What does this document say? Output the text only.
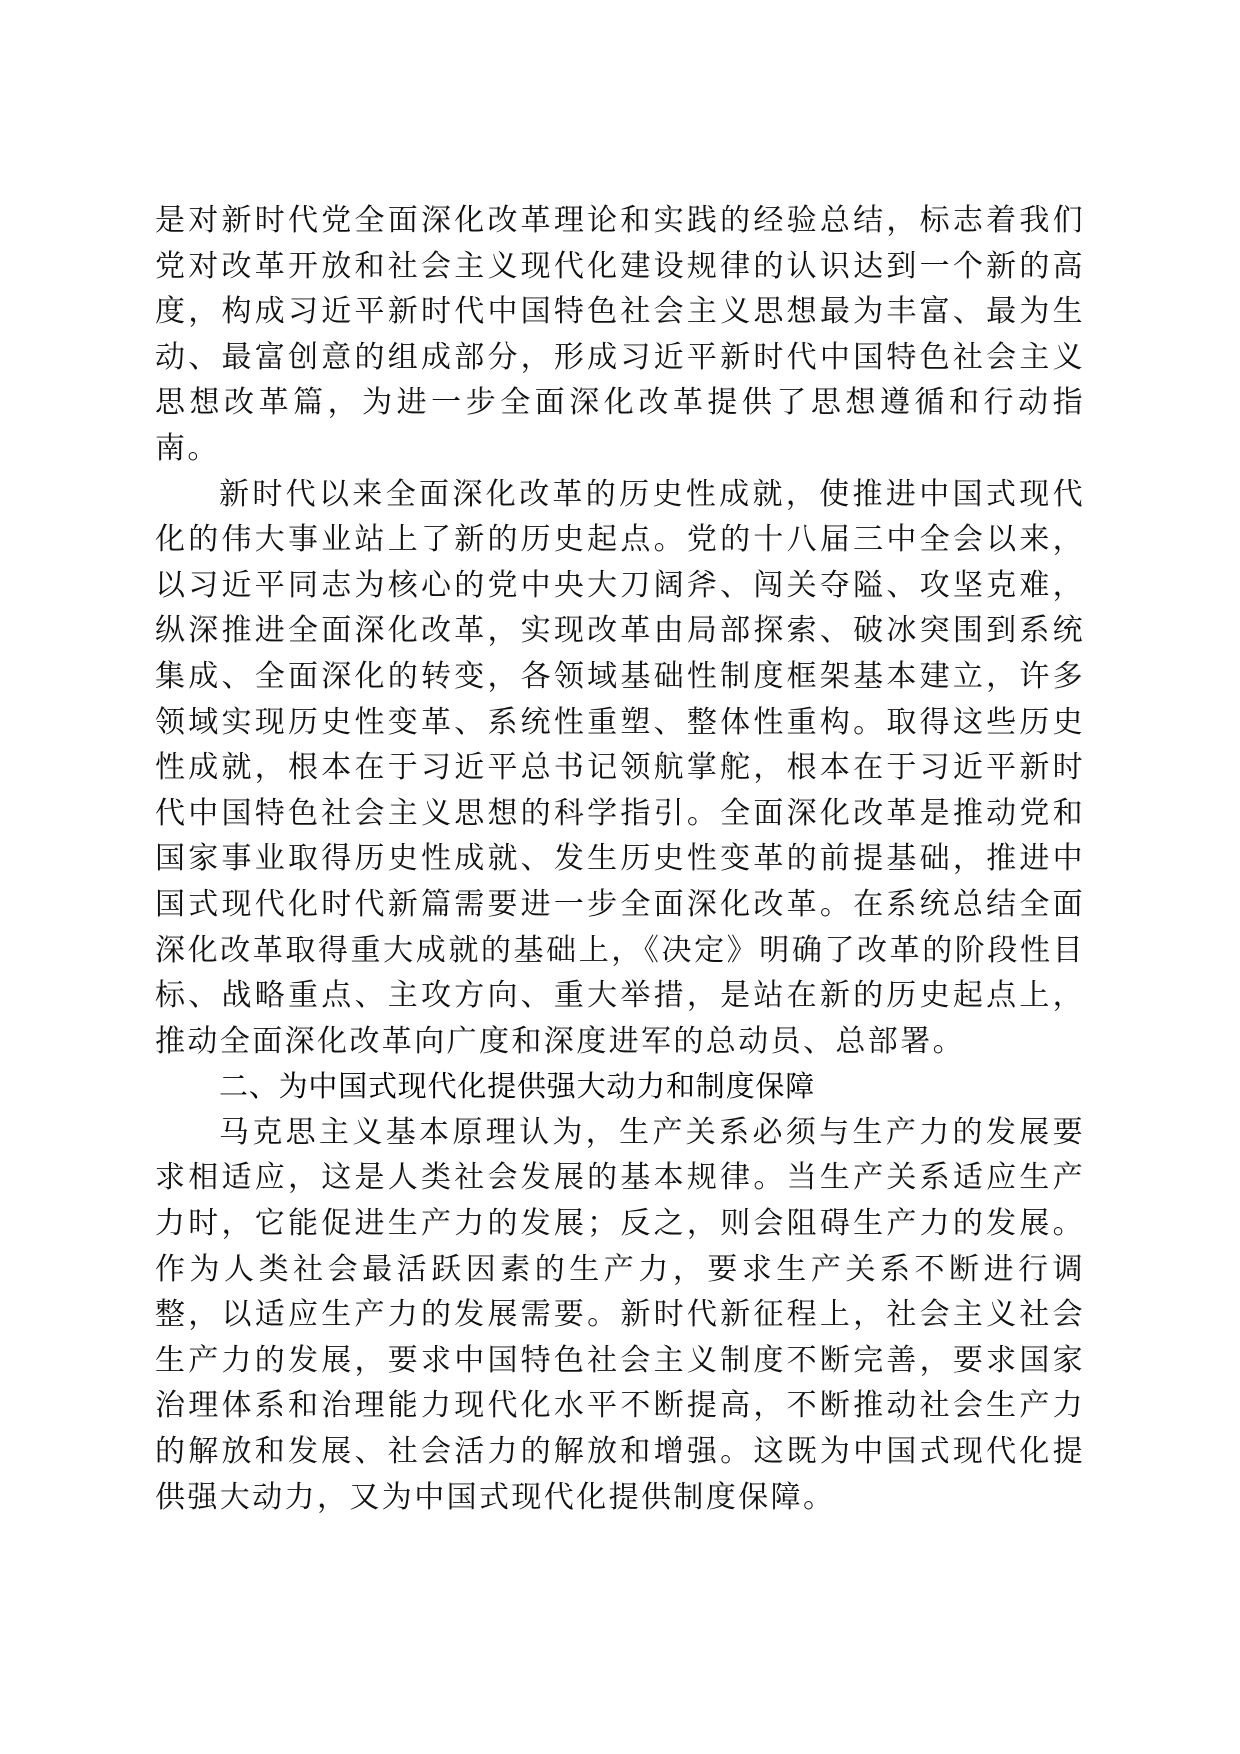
是对新时代党全面深化改革理论和实践的经验总结，标志着我们党对改革开放和社会主义现代化建设规律的认识达到一个新的高度，构成习近平新时代中国特色社会主义思想最为丰富、最为生动、最富创意的组成部分，形成习近平新时代中国特色社会主义思想改革篇，为进一步全面深化改革提供了思想遵循和行动指南。

新时代以来全面深化改革的历史性成就，使推进中国式现代化的伟大事业站上了新的历史起点。党的十八届三中全会以来，以习近平同志为核心的党中央大刀阔斧、闯关夺隘、攻坚克难，纵深推进全面深化改革，实现改革由局部探索、破冰突围到系统集成、全面深化的转变，各领域基础性制度框架基本建立，许多领域实现历史性变革、系统性重塑、整体性重构。取得这些历史性成就，根本在于习近平总书记领航掌舵，根本在于习近平新时代中国特色社会主义思想的科学指引。全面深化改革是推动党和国家事业取得历史性成就、发生历史性变革的前提基础，推进中国式现代化时代新篇需要进一步全面深化改革。在系统总结全面深化改革取得重大成就的基础上，《决定》明确了改革的阶段性目标、战略重点、主攻方向、重大举措，是站在新的历史起点上，推动全面深化改革向广度和深度进军的总动员、总部署。

二、为中国式现代化提供强大动力和制度保障

马克思主义基本原理认为，生产关系必须与生产力的发展要求相适应，这是人类社会发展的基本规律。当生产关系适应生产力时，它能促进生产力的发展；反之，则会阻碍生产力的发展。作为人类社会最活跃因素的生产力，要求生产关系不断进行调整，以适应生产力的发展需要。新时代新征程上，社会主义社会生产力的发展，要求中国特色社会主义制度不断完善，要求国家治理体系和治理能力现代化水平不断提高，不断推动社会生产力的解放和发展、社会活力的解放和增强。这既为中国式现代化提供强大动力，又为中国式现代化提供制度保障。
